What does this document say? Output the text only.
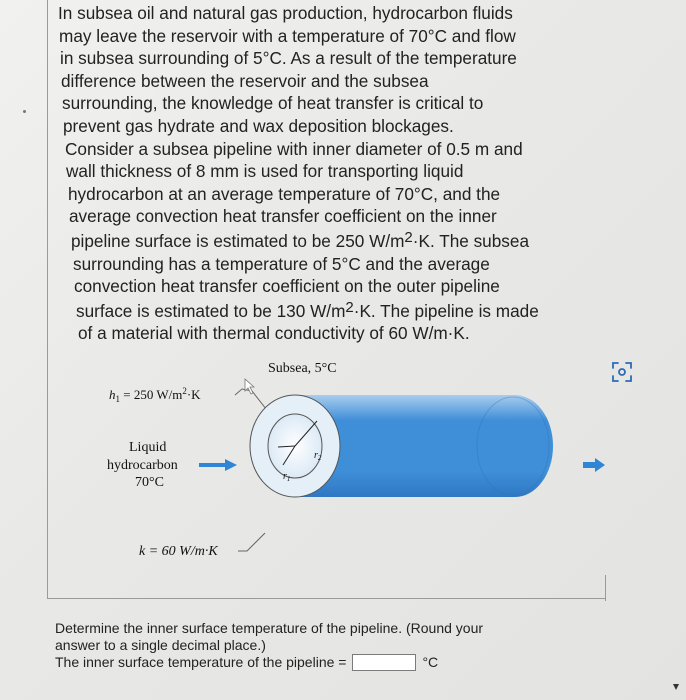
In subsea oil and natural gas production, hydrocarbon fluids

may leave the reservoir with a temperature of 70°C and flow

in subsea surrounding of 5°C. As a result of the temperature

difference between the reservoir and the subsea

surrounding, the knowledge of heat transfer is critical to

prevent gas hydrate and wax deposition blockages.

Consider a subsea pipeline with inner diameter of 0.5 m and

wall thickness of 8 mm is used for transporting liquid

hydrocarbon at an average temperature of 70°C, and the

average convection heat transfer coefficient on the inner

pipeline surface is estimated to be 250 $W/m^2\cdot K$. The subsea

surrounding has a temperature of 5°C and the average

convection heat transfer coefficient on the outer pipeline

surface is estimated to be 130 $W/m^2\cdot K$. The pipeline is made

of a material with thermal conductivity of 60 W/m·K.

Subsea, 5°C
$h_1 = 250$ $W/m^2\cdot K$
$r_1$
$r_2$
Liquid
hydrocarbon
70°C
k = 60 W/m·K

Determine the inner surface temperature of the pipeline. (Round your

answer to a single decimal place.)

The inner surface temperature of the pipeline =	°C
